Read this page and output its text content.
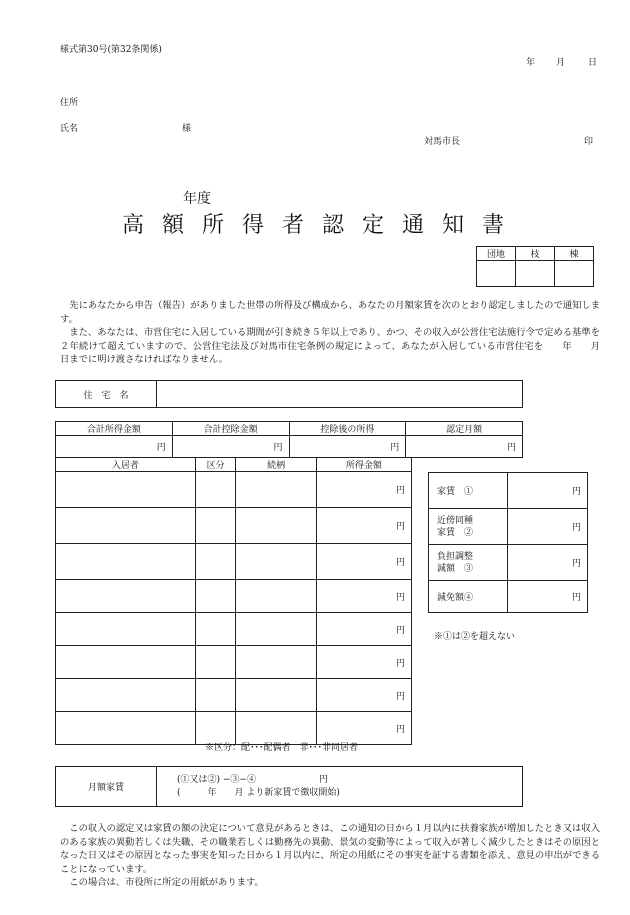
様式第30号(第32条関係)
年 月	日
住所
氏名	様
対馬市長	印
年度
高額所得者認定通知書
団地	枝	棟

先にあなたから申告（報告）がありました世帯の所得及び構成から、あなたの月額家賃を次のとおり認定しましたので通知します。

また、あなたは、市営住宅に入居している期間が引き続き５年以上であり、かつ、その収入が公営住宅法施行令で定める基準を２年続けて超えていますので、公営住宅法及び対馬市住宅条例の規定によって、あなたが入居している市営住宅を　　年　　月　　日までに明け渡さなければなりません。

住　宅　名	
合計所得金額	合計控除金額	控除後の所得	認定月額
円	円	円	円
入居者	区分	続柄	所得金額
			円
			円
			円
			円
			円
			円
			円
			円
※区分：配･･･配偶者　非･･･非同居者
家賃　①	円
近傍同種
家賃　②	円
負担調整
減額　③	円
減免額④	円
※①は②を超えない
月額家賃	
(①又は②) −③−④　　　　　　　円
(　　　年　　月 より新家賃で徴収開始)

この収入の認定又は家賃の額の決定について意見があるときは、この通知の日から１月以内に扶養家族が増加したとき又は収入のある家族の異動若しくは失職、その職業若しくは勤務先の異動、景気の変動等によって収入が著しく減少したときはその原因となった日又はその原因となった事実を知った日から１月以内に、所定の用紙にその事実を証する書類を添え、意見の申出ができることになっています。

この場合は、市役所に所定の用紙があります。
